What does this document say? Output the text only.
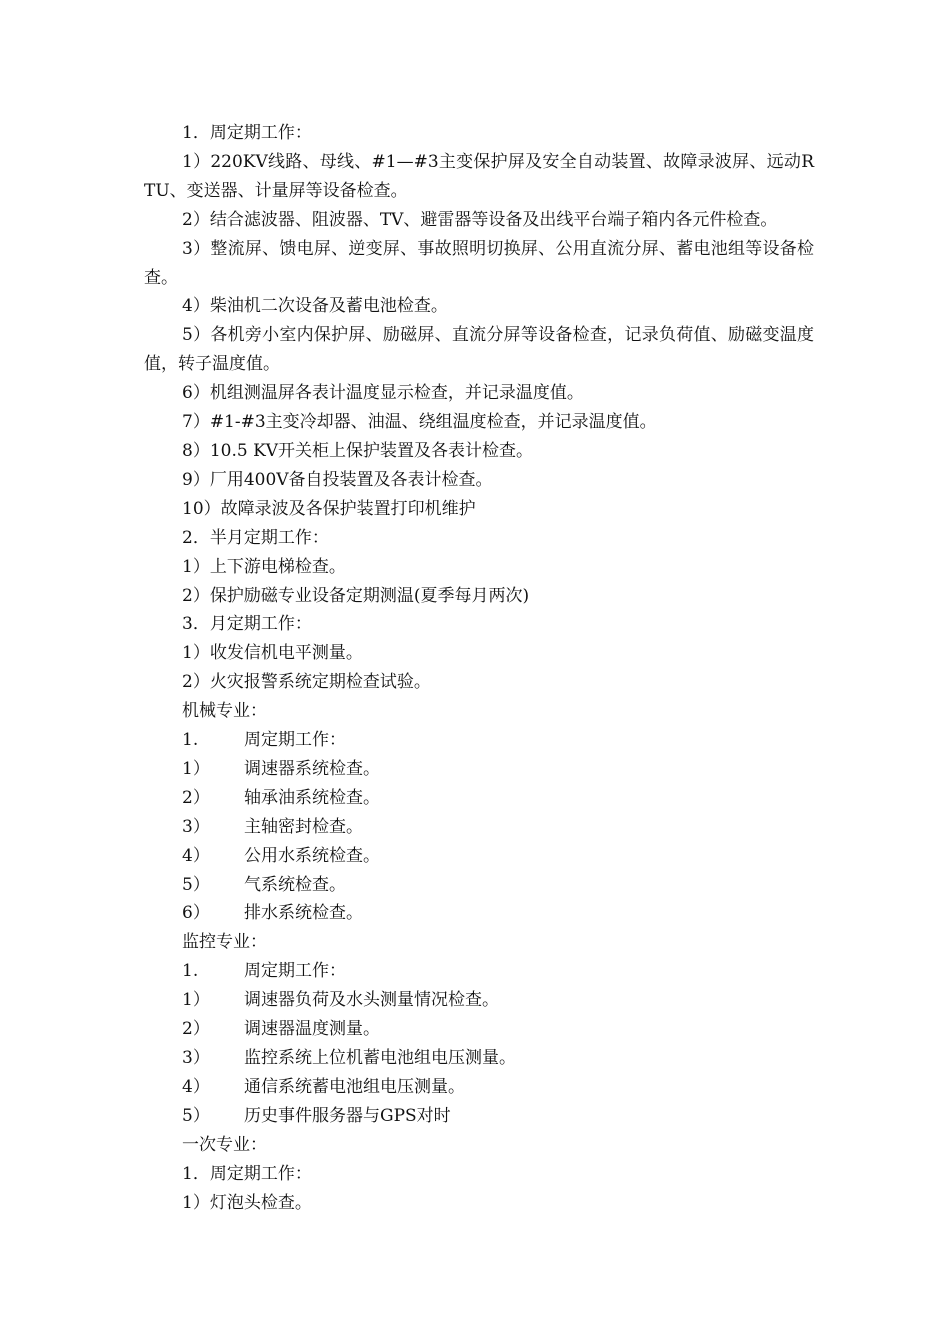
1．周定期工作：

1）220KV线路、母线、#1—#3主变保护屏及安全自动装置、故障录波屏、远动RTU、变送器、计量屏等设备检查。

2）结合滤波器、阻波器、TV、避雷器等设备及出线平台端子箱内各元件检查。

3）整流屏、馈电屏、逆变屏、事故照明切换屏、公用直流分屏、蓄电池组等设备检查。

4）柴油机二次设备及蓄电池检查。

5）各机旁小室内保护屏、励磁屏、直流分屏等设备检查，记录负荷值、励磁变温度值，转子温度值。

6）机组测温屏各表计温度显示检查，并记录温度值。

7）#1-#3主变冷却器、油温、绕组温度检查，并记录温度值。

8）10.5 KV开关柜上保护装置及各表计检查。

9）厂用400V备自投装置及各表计检查。

10）故障录波及各保护装置打印机维护

2．半月定期工作：

1）上下游电梯检查。

2）保护励磁专业设备定期测温(夏季每月两次)

3．月定期工作：

1）收发信机电平测量。

2）火灾报警系统定期检查试验。

机械专业：

1.	周定期工作：
1）	调速器系统检查。
2）	轴承油系统检查。
3）	主轴密封检查。
4）	公用水系统检查。
5）	气系统检查。
6）	排水系统检查。

监控专业：

1.	周定期工作：
1）	调速器负荷及水头测量情况检查。
2）	调速器温度测量。
3）	监控系统上位机蓄电池组电压测量。
4）	通信系统蓄电池组电压测量。
5）	历史事件服务器与GPS对时

一次专业：

1．周定期工作：

1）灯泡头检查。
